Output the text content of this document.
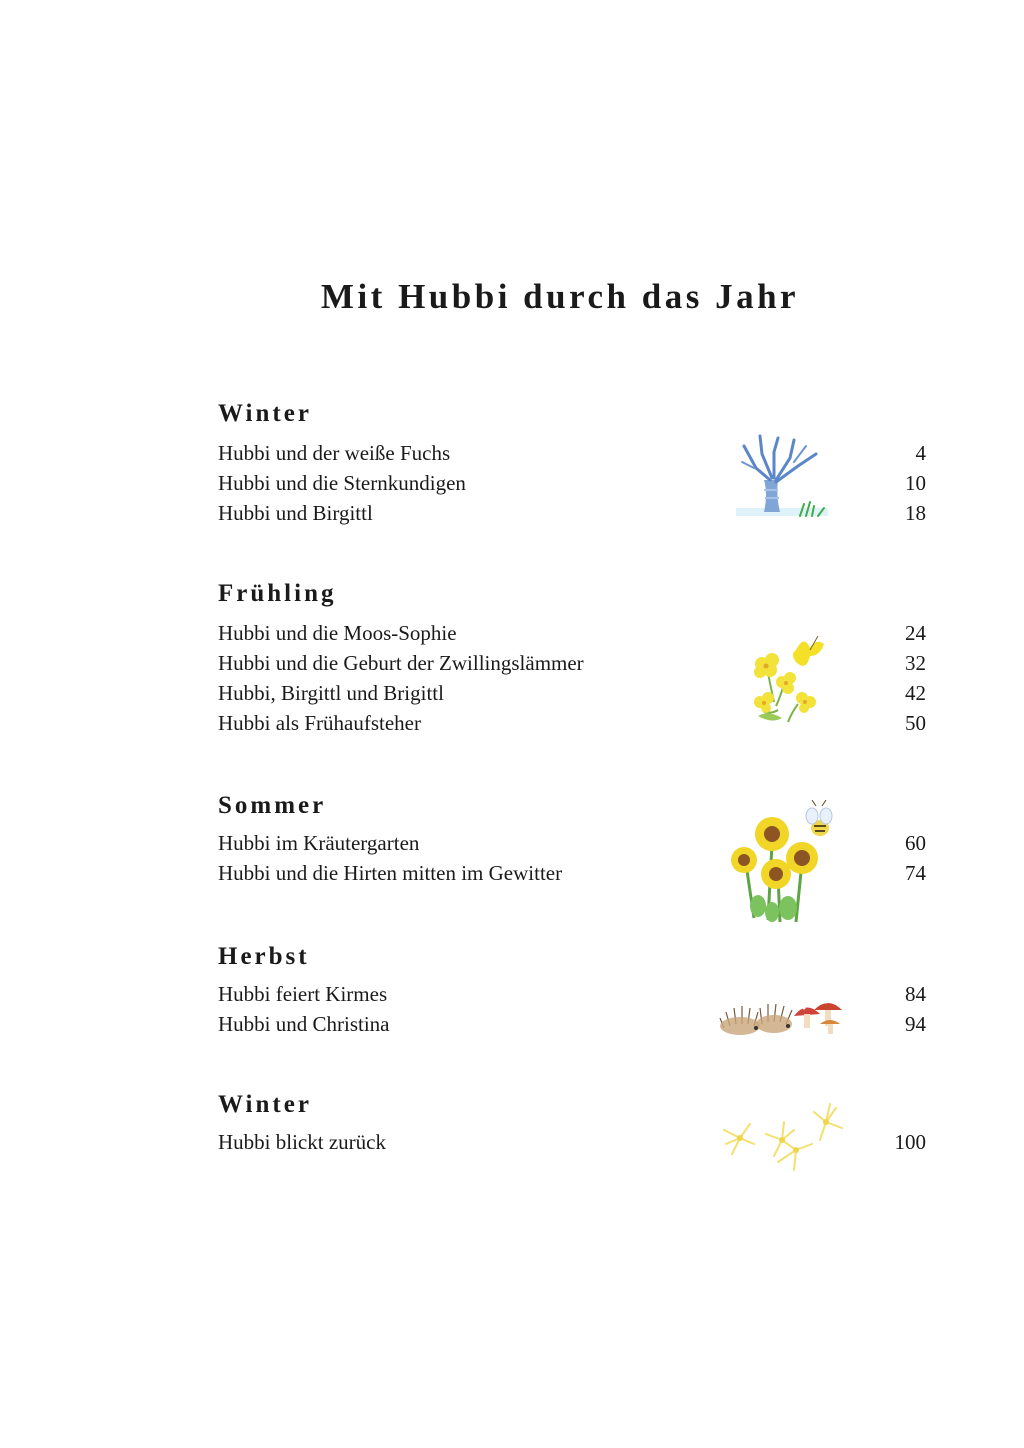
Mit Hubbi durch das Jahr
Winter
Hubbi und der weiße Fuchs	4
Hubbi und die Sternkundigen	10
Hubbi und Birgittl	18
Frühling
Hubbi und die Moos-Sophie	24
Hubbi und die Geburt der Zwillingslämmer	32
Hubbi, Birgittl und Brigittl	42
Hubbi als Frühaufsteher	50
Sommer
Hubbi im Kräutergarten	60
Hubbi und die Hirten mitten im Gewitter	74
Herbst
Hubbi feiert Kirmes	84
Hubbi und Christina	94
Winter
Hubbi blickt zurück	100
